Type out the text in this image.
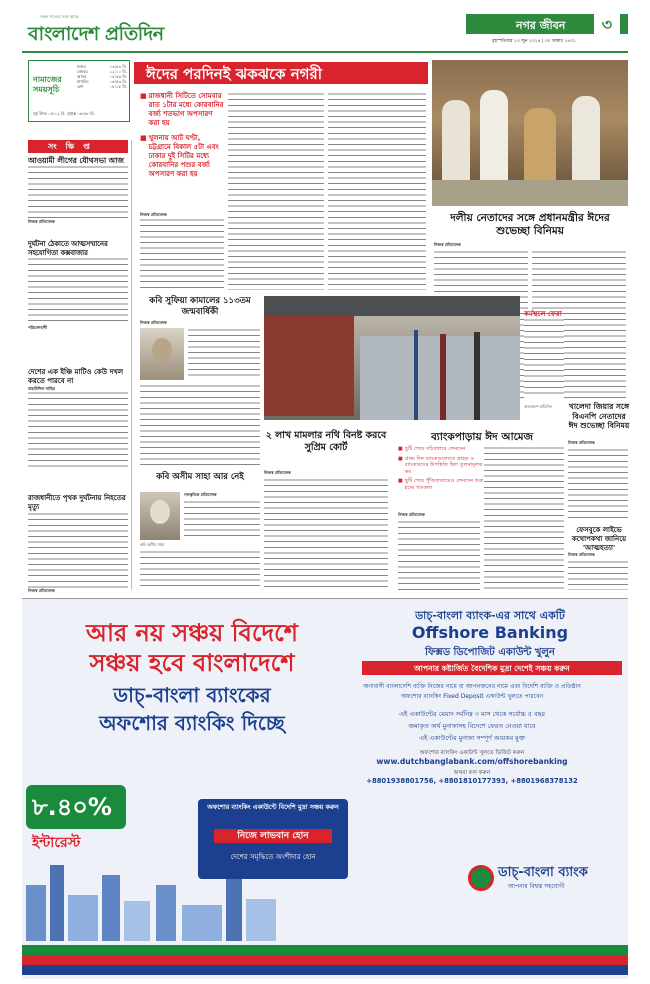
সকল সত্যের সঙ্গে আছে
বাংলাদেশ প্রতিদিন	নগর জীবন	৩
বৃহস্পতিবার ১৩ জুন ২০২৪ | ৩০ আষাঢ় ১৪৩১
নামাজের সময়সূচি
ফজর	০৩:৪৪ মি.
জোহর	১২:০০ মি.
আসর	০৪:৪৫ মি.
মাগরিব	০৬:৫৩ মি.
এশা	০৮:১৮ মি.
সূর্য উদয় ০৫:১২ মি. সূর্যাস্ত ০৬:৪৮ মি.
ঈদের পরদিনই ঝকঝকে নগরী
■ রাজধানী সিটিতে সোমবার রাত ১টার মধ্যে কোরবানির বর্জ্য শতভাগ অপসারণ করা হয়
■ খুলনায় আট ঘণ্টা, চট্টগ্রামে বিকাল ৫টা এবং ঢাকার দুই সিটির মধ্যে কোরবানির পশুর বর্জ্য অপসারণ করা হয়
নিজস্ব প্রতিবেদক	দলীয় নেতাদের সঙ্গে প্রধানমন্ত্রীর ঈদের শুভেচ্ছা বিনিময়
নিজস্ব প্রতিবেদক
সং ক্ষি প্ত
আওয়ামী লীগের যৌথসভা আজ
নিজস্ব প্রতিবেদক
দুর্ঘটনা ঠেকাতে আত্মসম্মানের সহযোগিতা কক্সবাজার
পরিবেশবাদী
দেশের এক ইঞ্চি মাটিও কেউ দখল করতে পারবে না
বাহাউদ্দিন নাছিম
রাজধানীতে পৃথক দুর্ঘটনায় নিহতের মৃত্যু
নিজস্ব প্রতিবেদক
কবি সুফিয়া কামালের ১১৩তম জন্মবার্ষিকী
নিজস্ব প্রতিবেদক
কবি অসীম সাহা আর নেই
কবি অসীম সাহা
সাংস্কৃতিক প্রতিবেদক
কর্মস্থলে ফেরা
বাংলাদেশ প্রতিদিন খালেদা জিয়ার সঙ্গে বিএনপি নেতাদের ঈদ শুভেচ্ছা বিনিময়
নিজস্ব প্রতিবেদক
২ লাখ মামলার নথি বিনষ্ট করবে সুপ্রিম কোর্ট
নিজস্ব প্রতিবেদক
ব্যাংকপাড়ায় ঈদ আমেজ
■ ছুটি শেষে সচিবালয়ে লেনদেন
■ প্রথম দিন ব্যাংকগুলোতে গ্রাহক ও ব্যাংকারদের উপস্থিতি ছিল তুলনামূলক কম
■ ছুটি শেষে পুঁজিবাজারেও লেনদেন শুরু হচ্ছে গতকাল
নিজস্ব প্রতিবেদক
ফেসবুকে লাইভে কথোপকথা জানিয়ে 'আত্মহত্যা'
নিজস্ব প্রতিবেদক
আর নয় সঞ্চয় বিদেশে
সঞ্চয় হবে বাংলাদেশে
ডাচ্-বাংলা ব্যাংকের
অফশোর ব্যাংকিং দিচ্ছে
৮.৪০%
ইন্টারেস্ট
অফশোর ব্যাংকিং একাউন্টে বিদেশি মুদ্রা সঞ্চয় করুন
নিজে লাভবান হোন
দেশের সমৃদ্ধিতে অংশীদার হোন
ডাচ্-বাংলা ব্যাংক-এর সাথে একটি
Offshore Banking
ফিক্সড ডিপোজিট একাউন্ট খুলুন
আপনার কষ্টার্জিত বৈদেশিক মুদ্রা দেশেই সঞ্চয় করুন
অনাবাসী বাংলাদেশি ব্যক্তি নিজের নামে বা আপনজনের নামে এবং বিদেশি ব্যক্তি ও প্রতিষ্ঠান
অফশোর ব্যাংকিং Fixed Deposit একাউন্ট খুলতে পারবেন
এই একাউন্টের মেয়াদ সর্বনিম্ন ৩ মাস থেকে সর্বোচ্চ ৫ বছর
জমাকৃত অর্থ মুনাফাসহ বিদেশে ফেরত নেওয়া যাবে
এই একাউন্টের মুনাফা সম্পূর্ণ আয়কর মুক্ত
অফশোর ব্যাংকিং একাউন্ট খুলতে ভিজিট করুন
www.dutchbanglabank.com/offshorebanking
অথবা কল করুন
+8801938801756, +8801810177393, +8801968378132
ডাচ্-বাংলা ব্যাংক
আপনার বিশ্বস্ত সহযোগী
